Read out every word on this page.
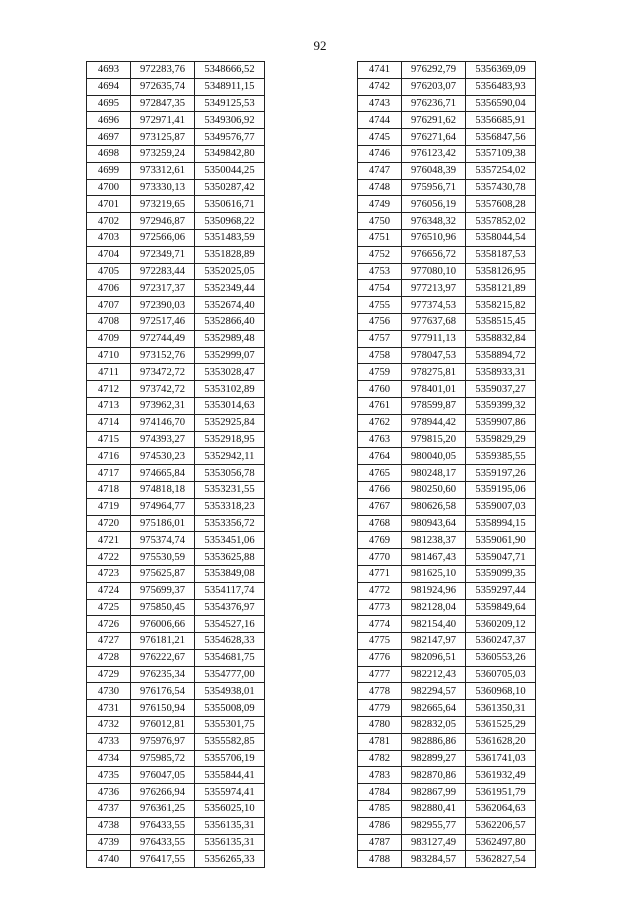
92
4693	972283,76	5348666,52
4694	972635,74	5348911,15
4695	972847,35	5349125,53
4696	972971,41	5349306,92
4697	973125,87	5349576,77
4698	973259,24	5349842,80
4699	973312,61	5350044,25
4700	973330,13	5350287,42
4701	973219,65	5350616,71
4702	972946,87	5350968,22
4703	972566,06	5351483,59
4704	972349,71	5351828,89
4705	972283,44	5352025,05
4706	972317,37	5352349,44
4707	972390,03	5352674,40
4708	972517,46	5352866,40
4709	972744,49	5352989,48
4710	973152,76	5352999,07
4711	973472,72	5353028,47
4712	973742,72	5353102,89
4713	973962,31	5353014,63
4714	974146,70	5352925,84
4715	974393,27	5352918,95
4716	974530,23	5352942,11
4717	974665,84	5353056,78
4718	974818,18	5353231,55
4719	974964,77	5353318,23
4720	975186,01	5353356,72
4721	975374,74	5353451,06
4722	975530,59	5353625,88
4723	975625,87	5353849,08
4724	975699,37	5354117,74
4725	975850,45	5354376,97
4726	976006,66	5354527,16
4727	976181,21	5354628,33
4728	976222,67	5354681,75
4729	976235,34	5354777,00
4730	976176,54	5354938,01
4731	976150,94	5355008,09
4732	976012,81	5355301,75
4733	975976,97	5355582,85
4734	975985,72	5355706,19
4735	976047,05	5355844,41
4736	976266,94	5355974,41
4737	976361,25	5356025,10
4738	976433,55	5356135,31
4739	976433,55	5356135,31
4740	976417,55	5356265,33
4741	976292,79	5356369,09
4742	976203,07	5356483,93
4743	976236,71	5356590,04
4744	976291,62	5356685,91
4745	976271,64	5356847,56
4746	976123,42	5357109,38
4747	976048,39	5357254,02
4748	975956,71	5357430,78
4749	976056,19	5357608,28
4750	976348,32	5357852,02
4751	976510,96	5358044,54
4752	976656,72	5358187,53
4753	977080,10	5358126,95
4754	977213,97	5358121,89
4755	977374,53	5358215,82
4756	977637,68	5358515,45
4757	977911,13	5358832,84
4758	978047,53	5358894,72
4759	978275,81	5358933,31
4760	978401,01	5359037,27
4761	978599,87	5359399,32
4762	978944,42	5359907,86
4763	979815,20	5359829,29
4764	980040,05	5359385,55
4765	980248,17	5359197,26
4766	980250,60	5359195,06
4767	980626,58	5359007,03
4768	980943,64	5358994,15
4769	981238,37	5359061,90
4770	981467,43	5359047,71
4771	981625,10	5359099,35
4772	981924,96	5359297,44
4773	982128,04	5359849,64
4774	982154,40	5360209,12
4775	982147,97	5360247,37
4776	982096,51	5360553,26
4777	982212,43	5360705,03
4778	982294,57	5360968,10
4779	982665,64	5361350,31
4780	982832,05	5361525,29
4781	982886,86	5361628,20
4782	982899,27	5361741,03
4783	982870,86	5361932,49
4784	982867,99	5361951,79
4785	982880,41	5362064,63
4786	982955,77	5362206,57
4787	983127,49	5362497,80
4788	983284,57	5362827,54
